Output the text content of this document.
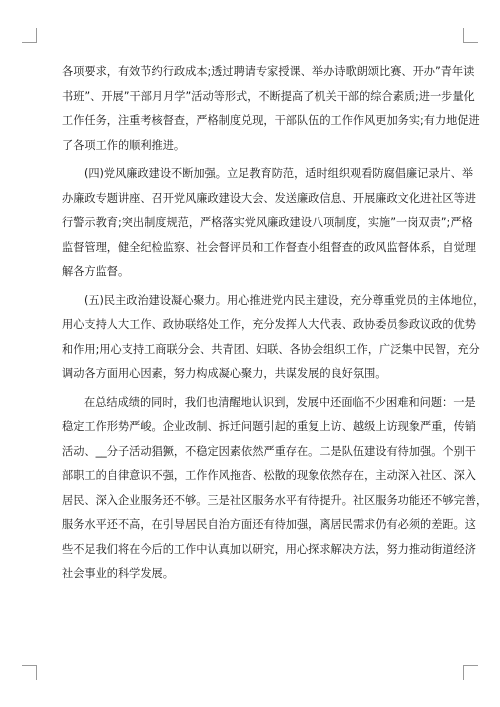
各项要求，有效节约行政成本;透过聘请专家授课、举办诗歌朗颂比赛、开办”青年读
书班”、开展”干部月月学”活动等形式，不断提高了机关干部的综合素质;进一步量化
工作任务，注重考核督查，严格制度兑现，干部队伍的工作作风更加务实;有力地促进
了各项工作的顺利推进。
(四)党风廉政建设不断加强。立足教育防范，适时组织观看防腐倡廉记录片、举
办廉政专题讲座、召开党风廉政建设大会、发送廉政信息、开展廉政文化进社区等进
行警示教育;突出制度规范，严格落实党风廉政建设八项制度，实施”一岗双责”;严格
监督管理，健全纪检监察、社会督评员和工作督查小组督查的政风监督体系，自觉理
解各方监督。
(五)民主政治建设凝心聚力。用心推进党内民主建设，充分尊重党员的主体地位，
用心支持人大工作、政协联络处工作，充分发挥人大代表、政协委员参政议政的优势
和作用;用心支持工商联分会、共青团、妇联、各协会组织工作，广泛集中民智，充分
调动各方面用心因素，努力构成凝心聚力，共谋发展的良好氛围。
在总结成绩的同时，我们也清醒地认识到，发展中还面临不少困难和问题：一是
稳定工作形势严峻。企业改制、拆迁问题引起的重复上访、越级上访现象严重，传销
活动、__分子活动猖獗，不稳定因素依然严重存在。二是队伍建设有待加强。个别干
部职工的自律意识不强，工作作风拖沓、松散的现象依然存在，主动深入社区、深入
居民、深入企业服务还不够。三是社区服务水平有待提升。社区服务功能还不够完善，
服务水平还不高，在引导居民自治方面还有待加强，离居民需求仍有必须的差距。这
些不足我们将在今后的工作中认真加以研究，用心探求解决方法，努力推动街道经济
社会事业的科学发展。
